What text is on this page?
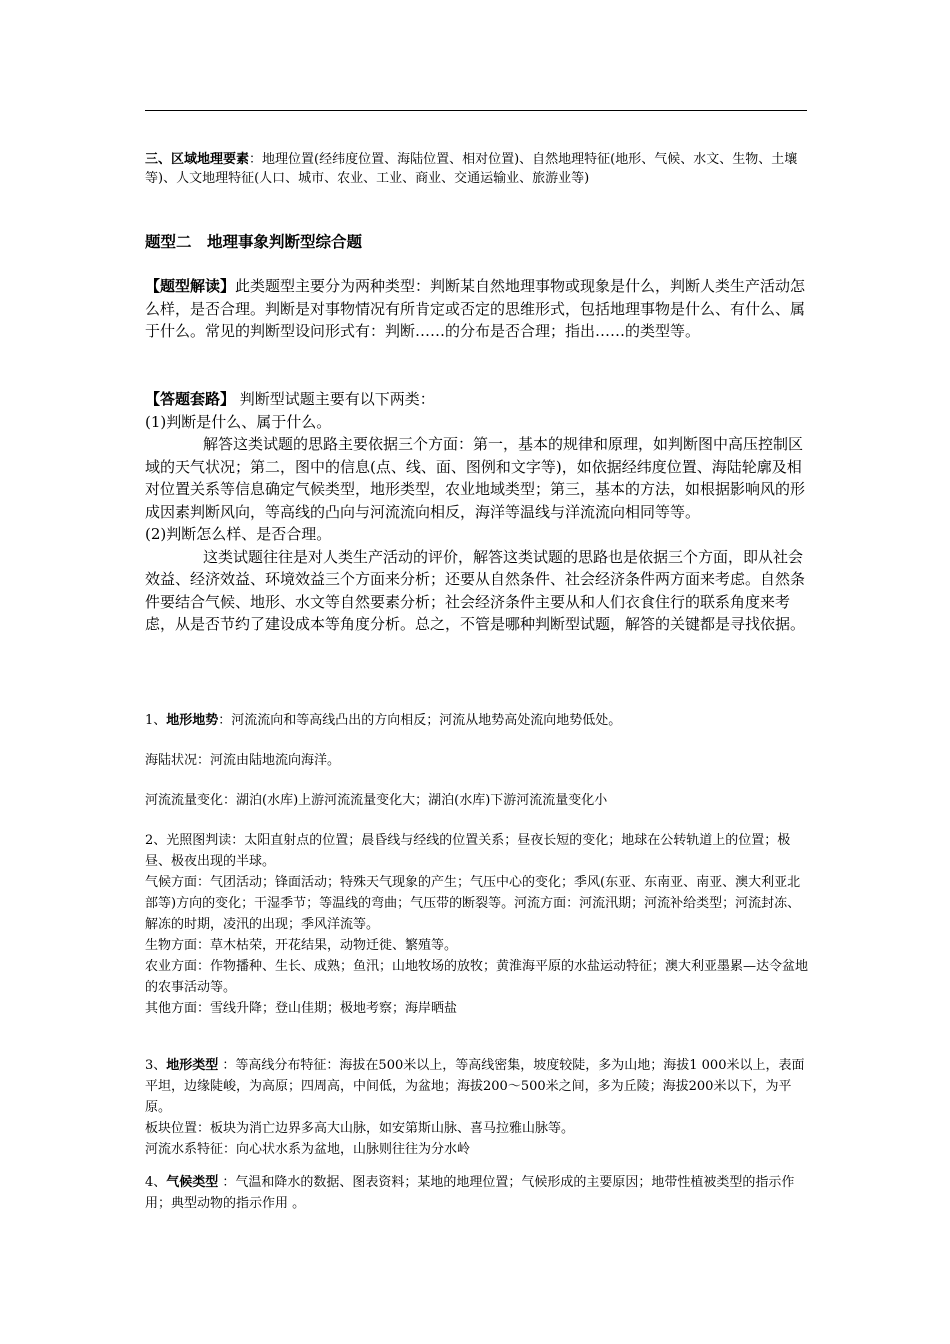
三、区域地理要素：地理位置(经纬度位置、海陆位置、相对位置)、自然地理特征(地形、气候、水文、生物、土壤等)、人文地理特征(人口、城市、农业、工业、商业、交通运输业、旅游业等)

题型二　地理事象判断型综合题

【题型解读】此类题型主要分为两种类型：判断某自然地理事物或现象是什么，判断人类生产活动怎么样，是否合理。判断是对事物情况有所肯定或否定的思维形式，包括地理事物是什么、有什么、属于什么。常见的判断型设问形式有：判断……的分布是否合理；指出……的类型等。

【答题套路】 判断型试题主要有以下两类：

(1)判断是什么、属于什么。

解答这类试题的思路主要依据三个方面：第一，基本的规律和原理，如判断图中高压控制区域的天气状况；第二，图中的信息(点、线、面、图例和文字等)，如依据经纬度位置、海陆轮廓及相对位置关系等信息确定气候类型，地形类型，农业地域类型；第三，基本的方法，如根据影响风的形成因素判断风向，等高线的凸向与河流流向相反，海洋等温线与洋流流向相同等等。

(2)判断怎么样、是否合理。

这类试题往往是对人类生产活动的评价，解答这类试题的思路也是依据三个方面，即从社会效益、经济效益、环境效益三个方面来分析；还要从自然条件、社会经济条件两方面来考虑。自然条件要结合气候、地形、水文等自然要素分析；社会经济条件主要从和人们衣食住行的联系角度来考虑，从是否节约了建设成本等角度分析。总之，不管是哪种判断型试题，解答的关键都是寻找依据。

1、地形地势：河流流向和等高线凸出的方向相反；河流从地势高处流向地势低处。

海陆状况：河流由陆地流向海洋。
河流流量变化：湖泊(水库)上游河流流量变化大；湖泊(水库)下游河流流量变化小

2、光照图判读：太阳直射点的位置；晨昏线与经线的位置关系；昼夜长短的变化；地球在公转轨道上的位置；极昼、极夜出现的半球。

气候方面：气团活动；锋面活动；特殊天气现象的产生；气压中心的变化；季风(东亚、东南亚、南亚、澳大利亚北部等)方向的变化；干湿季节；等温线的弯曲；气压带的断裂等。河流方面：河流汛期；河流补给类型；河流封冻、解冻的时期，凌汛的出现；季风洋流等。

生物方面：草木枯荣，开花结果，动物迁徙、繁殖等。

农业方面：作物播种、生长、成熟；鱼汛；山地牧场的放牧；黄淮海平原的水盐运动特征；澳大利亚墨累—达令盆地的农事活动等。

其他方面：雪线升降；登山佳期；极地考察；海岸晒盐

3、地形类型 ：等高线分布特征：海拔在500米以上，等高线密集，坡度较陡，多为山地；海拔1 000米以上，表面平坦，边缘陡峻，为高原；四周高，中间低，为盆地；海拔200～500米之间，多为丘陵；海拔200米以下，为平原。

板块位置：板块为消亡边界多高大山脉，如安第斯山脉、喜马拉雅山脉等。

河流水系特征：向心状水系为盆地，山脉则往往为分水岭

4、气候类型 ：气温和降水的数据、图表资料；某地的地理位置；气候形成的主要原因；地带性植被类型的指示作用；典型动物的指示作用 。
